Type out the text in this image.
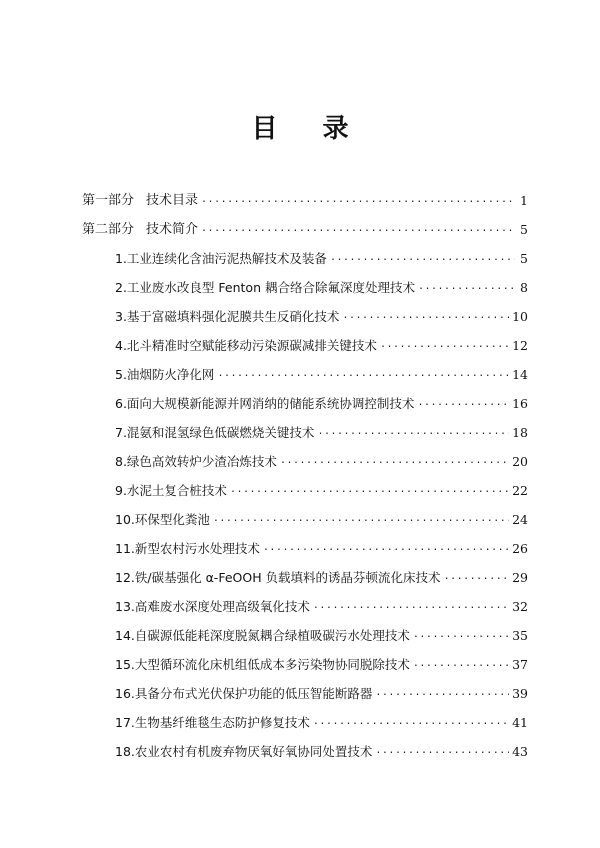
目 录
第一部分 技术目录 .....	1
第二部分 技术简介 .....	5
1.工业连续化含油污泥热解技术及装备 .....	5
2.工业废水改良型 Fenton 耦合络合除氟深度处理技术 .....	8
3.基于富磁填料强化泥膜共生反硝化技术 .....	10
4.北斗精准时空赋能移动污染源碳减排关键技术 .....	12
5.油烟防火净化网 .....	14
6.面向大规模新能源并网消纳的储能系统协调控制技术 .....	16
7.混氨和混氢绿色低碳燃烧关键技术 .....	18
8.绿色高效转炉少渣冶炼技术 .....	20
9.水泥土复合桩技术 .....	22
10.环保型化粪池 .....	24
11.新型农村污水处理技术 .....	26
12.铁/碳基强化 α-FeOOH 负载填料的诱晶芬顿流化床技术 .....	29
13.高难废水深度处理高级氧化技术 .....	32
14.自碳源低能耗深度脱氮耦合绿植吸碳污水处理技术 .....	35
15.大型循环流化床机组低成本多污染物协同脱除技术 .....	37
16.具备分布式光伏保护功能的低压智能断路器 .....	39
17.生物基纤维毯生态防护修复技术 .....	41
18.农业农村有机废弃物厌氧好氧协同处置技术 .....	43
